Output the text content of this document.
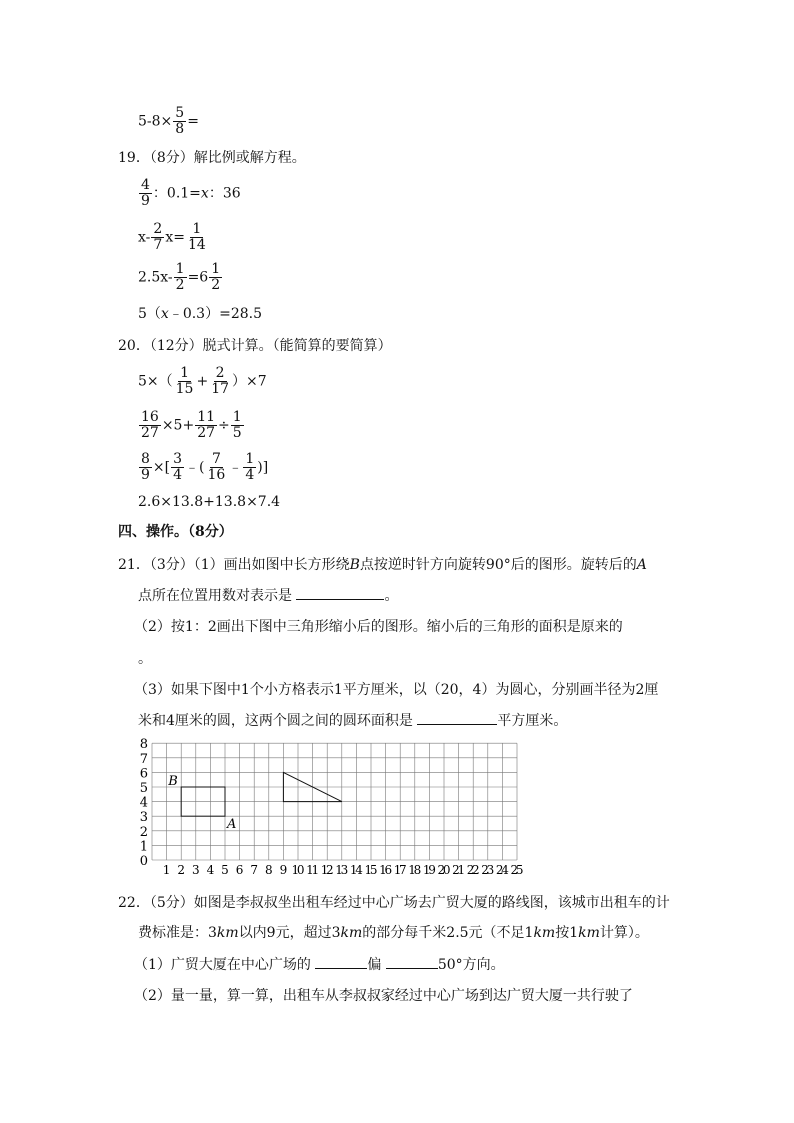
$5-8\times \frac{5}{8}$ =
19．（8分）解比例或解方程。
$\frac{4}{9}$ ：0.1=x：36
$x- \frac{2}{7} x= \frac{1}{14}$
$2.5x- \frac{1}{2} =6 \frac{1}{2}$
5（x﹣0.3）=28.5
20．（12分）脱式计算。（能简算的要简算）
$5\times( \frac{1}{15} + \frac{2}{17} )\times 7$
$\frac{16}{27} \times 5+ \frac{11}{27} \div \frac{1}{5}$
$\frac{8}{9}$ ×[ $\frac{3}{4}$ ﹣( $\frac{7}{16}$ ﹣ $\frac{1}{4}$ )]
2.6×13.8+13.8×7.4
四、操作。（8分）
21．（3分）（1）画出如图中长方形绕B点按逆时针方向旋转90°后的图形。旋转后的A
点所在位置用数对表示是	。
（2）按1：2画出下图中三角形缩小后的图形。缩小后的三角形的面积是原来的
。
（3）如果下图中1个小方格表示1平方厘米，以（20，4）为圆心，分别画半径为2厘
米和4厘米的圆，这两个圆之间的圆环面积是	平方厘米。
0
1
2
3
4
5
6
7
8
1 2 3 4 5 6 7 8 9 10 11 12 13 14 15 16 17 18 19 20 21 22 23 24 25
B
A
22．（5分）如图是李叔叔坐出租车经过中心广场去广贸大厦的路线图，该城市出租车的计
费标准是：3km以内9元，超过3km的部分每千米2.5元（不足1km按1km计算）。
（1）广贸大厦在中心广场的	偏	50°方向。
（2）量一量，算一算，出租车从李叔叔家经过中心广场到达广贸大厦一共行驶了
